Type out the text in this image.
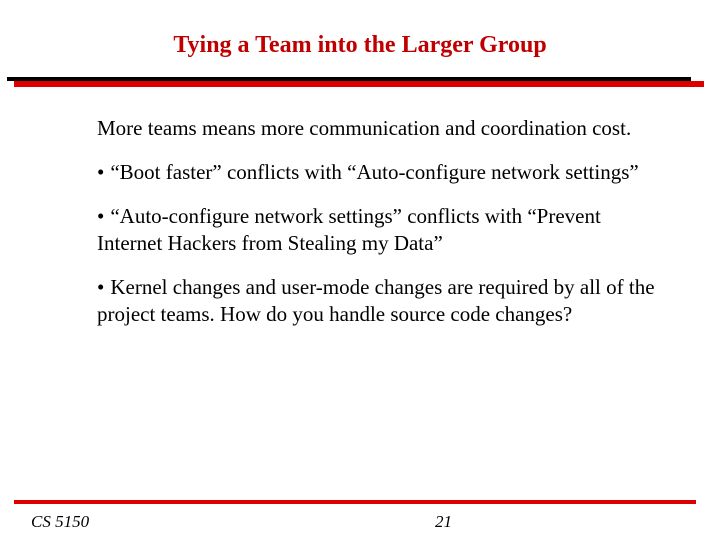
Tying a Team into the Larger Group

More teams means more communication and coordination cost.

• “Boot faster” conflicts with “Auto-configure network settings”

• “Auto-configure network settings” conflicts with “Prevent Internet Hackers from Stealing my Data”

• Kernel changes and user-mode changes are required by all of the project teams. How do you handle source code changes?

CS 5150	21
